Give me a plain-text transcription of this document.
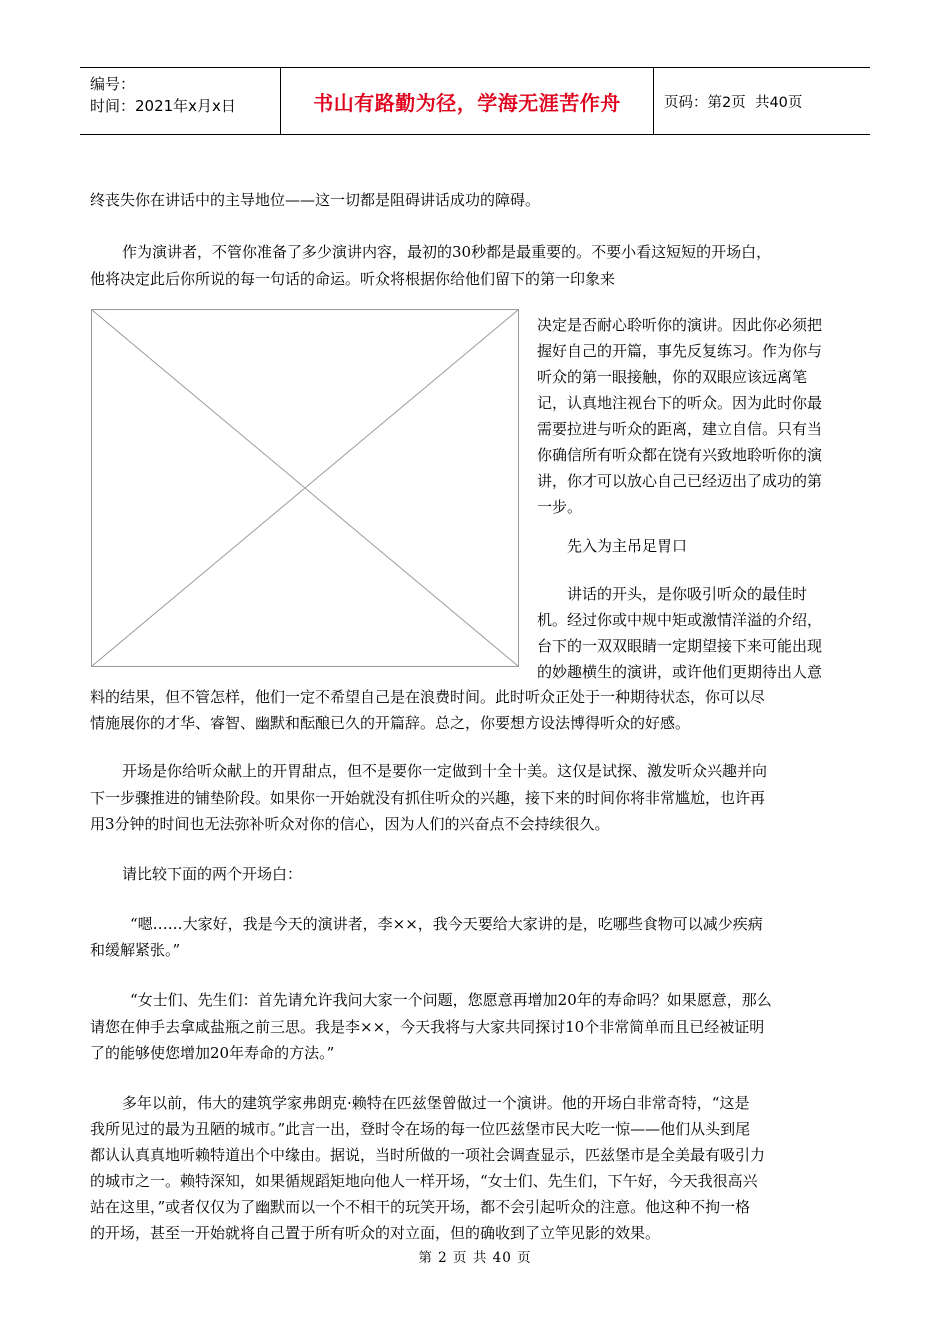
编号：
时间：2021年x月x日	书山有路勤为径，学海无涯苦作舟	页码：第2页  共40页
终丧失你在讲话中的主导地位——这一切都是阻碍讲话成功的障碍。
作为演讲者，不管你准备了多少演讲内容，最初的30秒都是最重要的。不要小看这短短的开场白，
他将决定此后你所说的每一句话的命运。听众将根据你给他们留下的第一印象来
决定是否耐心聆听你的演讲。因此你必须把
握好自己的开篇，事先反复练习。作为你与
听众的第一眼接触，你的双眼应该远离笔
记，认真地注视台下的听众。因为此时你最
需要拉进与听众的距离，建立自信。只有当
你确信所有听众都在饶有兴致地聆听你的演
讲，你才可以放心自己已经迈出了成功的第
一步。
先入为主吊足胃口
讲话的开头，是你吸引听众的最佳时
机。经过你或中规中矩或激情洋溢的介绍，
台下的一双双眼睛一定期望接下来可能出现
的妙趣横生的演讲，或许他们更期待出人意
料的结果，但不管怎样，他们一定不希望自己是在浪费时间。此时听众正处于一种期待状态，你可以尽
情施展你的才华、睿智、幽默和酝酿已久的开篇辞。总之，你要想方设法博得听众的好感。
开场是你给听众献上的开胃甜点，但不是要你一定做到十全十美。这仅是试探、激发听众兴趣并向
下一步骤推进的铺垫阶段。如果你一开始就没有抓住听众的兴趣，接下来的时间你将非常尴尬，也许再
用3分钟的时间也无法弥补听众对你的信心，因为人们的兴奋点不会持续很久。
请比较下面的两个开场白：
“嗯……大家好，我是今天的演讲者，李××，我今天要给大家讲的是，吃哪些食物可以减少疾病
和缓解紧张。”
“女士们、先生们：首先请允许我问大家一个问题，您愿意再增加20年的寿命吗？如果愿意，那么
请您在伸手去拿咸盐瓶之前三思。我是李××，今天我将与大家共同探讨10个非常简单而且已经被证明
了的能够使您增加20年寿命的方法。”
多年以前，伟大的建筑学家弗朗克·赖特在匹兹堡曾做过一个演讲。他的开场白非常奇特，“这是
我所见过的最为丑陋的城市。”此言一出，登时令在场的每一位匹兹堡市民大吃一惊——他们从头到尾
都认认真真地听赖特道出个中缘由。据说，当时所做的一项社会调查显示，匹兹堡市是全美最有吸引力
的城市之一。赖特深知，如果循规蹈矩地向他人一样开场，“女士们、先生们，下午好，今天我很高兴
站在这里，”或者仅仅为了幽默而以一个不相干的玩笑开场，都不会引起听众的注意。他这种不拘一格
的开场，甚至一开始就将自己置于所有听众的对立面，但的确收到了立竿见影的效果。
第 2 页 共 40 页
